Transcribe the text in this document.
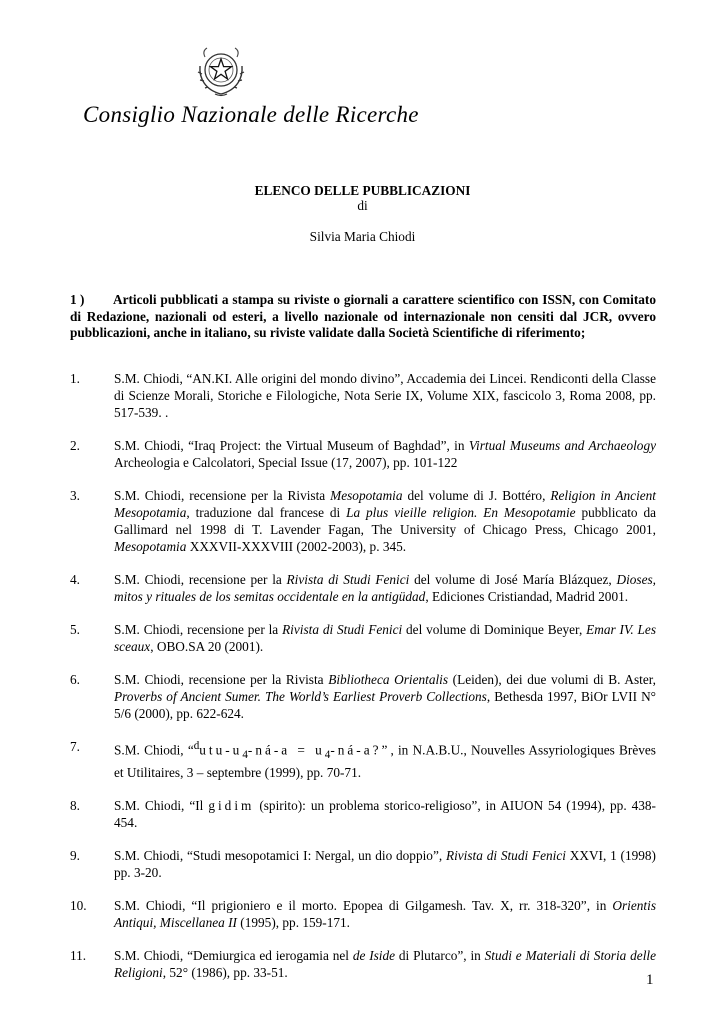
Consiglio Nazionale delle Ricerche
ELENCO DELLE PUBBLICAZIONI
di
Silvia Maria Chiodi
1 ) Articoli pubblicati a stampa su riviste o giornali a carattere scientifico con ISSN, con Comitato di Redazione, nazionali od esteri, a livello nazionale od internazionale non censiti dal JCR, ovvero pubblicazioni, anche in italiano, su riviste validate dalla Società Scientifiche di riferimento;
1.	S.M. Chiodi, “AN.KI. Alle origini del mondo divino”, Accademia dei Lincei. Rendiconti della Classe di Scienze Morali, Storiche e Filologiche, Nota Serie IX, Volume XIX, fascicolo 3, Roma 2008, pp. 517-539. .
2.	S.M. Chiodi, “Iraq Project: the Virtual Museum of Baghdad”, in Virtual Museums and Archaeology Archeologia e Calcolatori, Special Issue (17, 2007), pp. 101-122
3.	S.M. Chiodi, recensione per la Rivista Mesopotamia del volume di J. Bottéro, Religion in Ancient Mesopotamia, traduzione dal francese di La plus vieille religion. En Mesopotamie pubblicato da Gallimard nel 1998 di T. Lavender Fagan, The University of Chicago Press, Chicago 2001, Mesopotamia XXXVII-XXXVIII (2002-2003), p. 345.
4.	S.M. Chiodi, recensione per la Rivista di Studi Fenici del volume di José María Blázquez, Dioses, mitos y rituales de los semitas occidentale en la antigüdad, Ediciones Cristiandad, Madrid 2001.
5.	S.M. Chiodi, recensione per la Rivista di Studi Fenici del volume di Dominique Beyer, Emar IV. Les sceaux, OBO.SA 20 (2001).
6.	S.M. Chiodi, recensione per la Rivista Bibliotheca Orientalis (Leiden), dei due volumi di B. Aster, Proverbs of Ancient Sumer. The World’s Earliest Proverb Collections, Bethesda 1997, BiOr LVII N° 5/6 (2000), pp. 622-624.
7.	S.M. Chiodi, “$^dutu-u_4-ná-a$ = $u_4-ná-a$?”, in N.A.B.U., Nouvelles Assyriologiques Brèves et Utilitaires, 3 – septembre (1999), pp. 70-71.
8.	S.M. Chiodi, “Il gidim (spirito): un problema storico-religioso”, in AIUON 54 (1994), pp. 438-454.
9.	S.M. Chiodi, “Studi mesopotamici I: Nergal, un dio doppio”, Rivista di Studi Fenici XXVI, 1 (1998) pp. 3-20.
10. S.M. Chiodi, “Il prigioniero e il morto. Epopea di Gilgamesh. Tav. X, rr. 318-320”, in Orientis Antiqui, Miscellanea II (1995), pp. 159-171.
11. S.M. Chiodi, “Demiurgica ed ierogamia nel de Iside di Plutarco”, in Studi e Materiali di Storia delle Religioni, 52° (1986), pp. 33-51.	1
